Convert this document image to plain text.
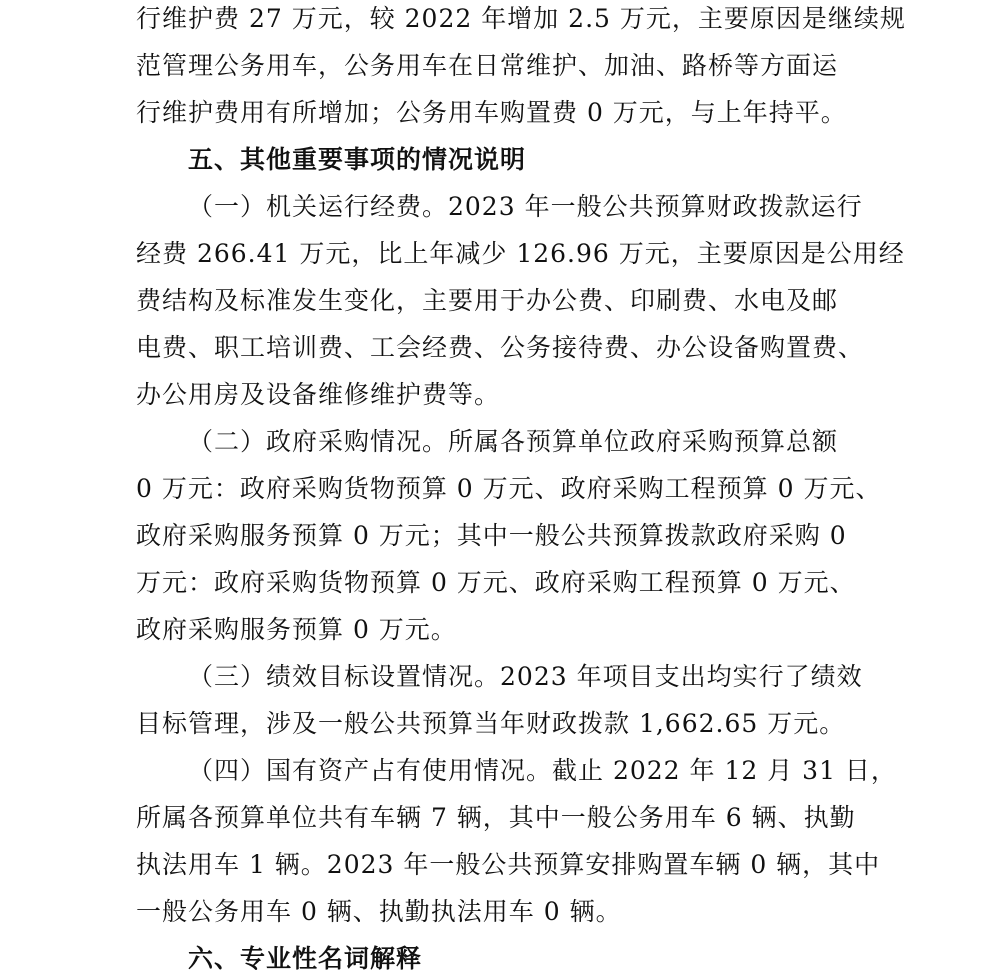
行维护费 27 万元，较 2022 年增加 2.5 万元，主要原因是继续规
范管理公务用车，公务用车在日常维护、加油、路桥等方面运
行维护费用有所增加；公务用车购置费 0 万元，与上年持平。
五、其他重要事项的情况说明
（一）机关运行经费。2023 年一般公共预算财政拨款运行
经费 266.41 万元，比上年减少 126.96 万元，主要原因是公用经
费结构及标准发生变化，主要用于办公费、印刷费、水电及邮
电费、职工培训费、工会经费、公务接待费、办公设备购置费、
办公用房及设备维修维护费等。
（二）政府采购情况。所属各预算单位政府采购预算总额
0 万元：政府采购货物预算 0 万元、政府采购工程预算 0 万元、
政府采购服务预算 0 万元；其中一般公共预算拨款政府采购 0
万元：政府采购货物预算 0 万元、政府采购工程预算 0 万元、
政府采购服务预算 0 万元。
（三）绩效目标设置情况。2023 年项目支出均实行了绩效
目标管理，涉及一般公共预算当年财政拨款 1,662.65 万元。
（四）国有资产占有使用情况。截止 2022 年 12 月 31 日，
所属各预算单位共有车辆 7 辆，其中一般公务用车 6 辆、执勤
执法用车 1 辆。2023 年一般公共预算安排购置车辆 0 辆，其中
一般公务用车 0 辆、执勤执法用车 0 辆。
六、专业性名词解释
